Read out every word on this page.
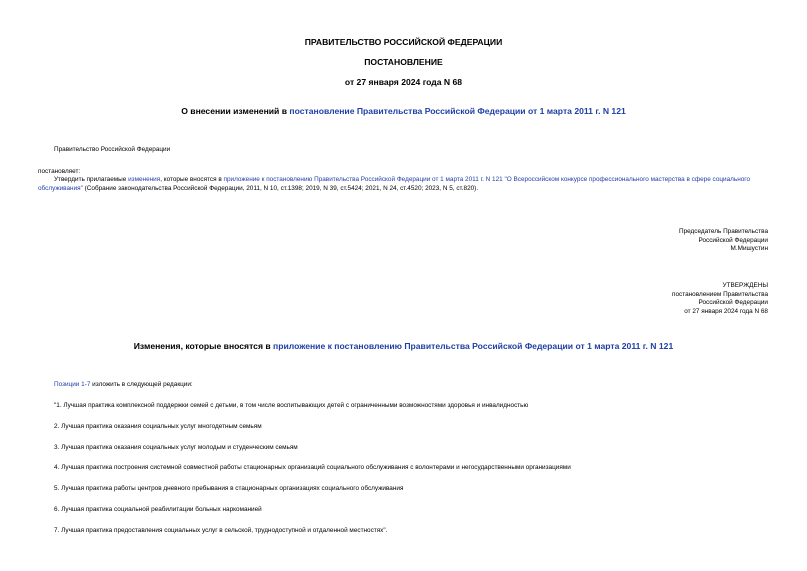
ПРАВИТЕЛЬСТВО РОССИЙСКОЙ ФЕДЕРАЦИИ
ПОСТАНОВЛЕНИЕ
от 27 января 2024 года N 68
О внесении изменений в постановление Правительства Российской Федерации от 1 марта 2011 г. N 121
Правительство Российской Федерации
постановляет:
Утвердить прилагаемые изменения, которые вносятся в приложение к постановлению Правительства Российской Федерации от 1 марта 2011 г. N 121 "О Всероссийском конкурсе профессионального мастерства в сфере социального обслуживания" (Собрание законодательства Российской Федерации, 2011, N 10, ст.1398; 2019, N 39, ст.5424; 2021, N 24, ст.4520; 2023, N 5, ст.820).
Председатель Правительства
Российской Федерации
М.Мишустин
УТВЕРЖДЕНЫ
постановлением Правительства
Российской Федерации
от 27 января 2024 года N 68
Изменения, которые вносятся в приложение к постановлению Правительства Российской Федерации от 1 марта 2011 г. N 121
Позиции 1-7 изложить в следующей редакции:
"1. Лучшая практика комплексной поддержки семей с детьми, в том числе воспитывающих детей с ограниченными возможностями здоровья и инвалидностью
2. Лучшая практика оказания социальных услуг многодетным семьям
3. Лучшая практика оказания социальных услуг молодым и студенческим семьям
4. Лучшая практика построения системной совместной работы стационарных организаций социального обслуживания с волонтерами и негосударственными организациями
5. Лучшая практика работы центров дневного пребывания в стационарных организациях социального обслуживания
6. Лучшая практика социальной реабилитации больных наркоманией
7. Лучшая практика предоставления социальных услуг в сельской, труднодоступной и отдаленной местностях".
